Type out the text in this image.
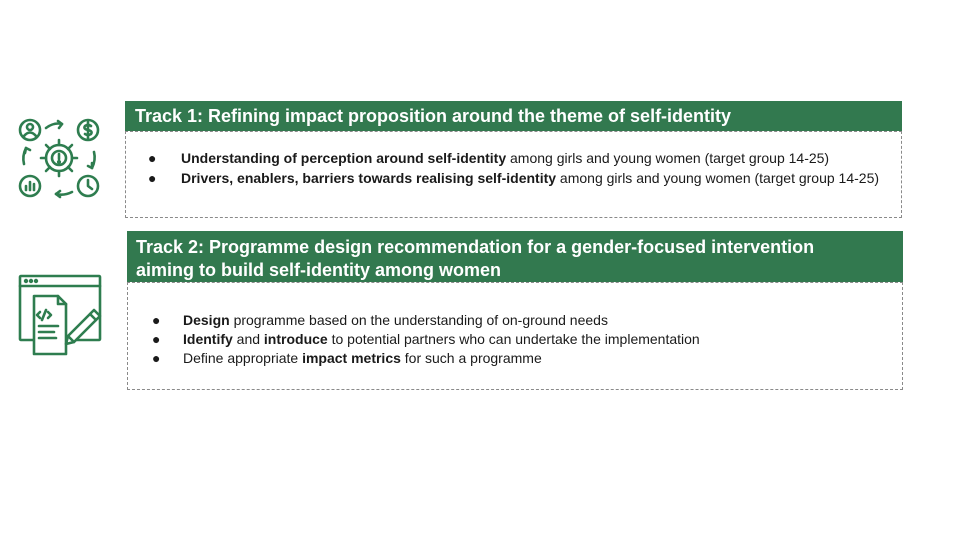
Track 1: Refining impact proposition around the theme of self-identity
● Understanding of perception around self-identity among girls and young women (target group 14-25)
● Drivers, enablers, barriers towards realising self-identity among girls and young women (target group 14-25)
Track 2: Programme design recommendation for a gender-focused intervention
aiming to build self-identity among women
● Design programme based on the understanding of on-ground needs
● Identify and introduce to potential partners who can undertake the implementation
● Define appropriate impact metrics for such a programme
